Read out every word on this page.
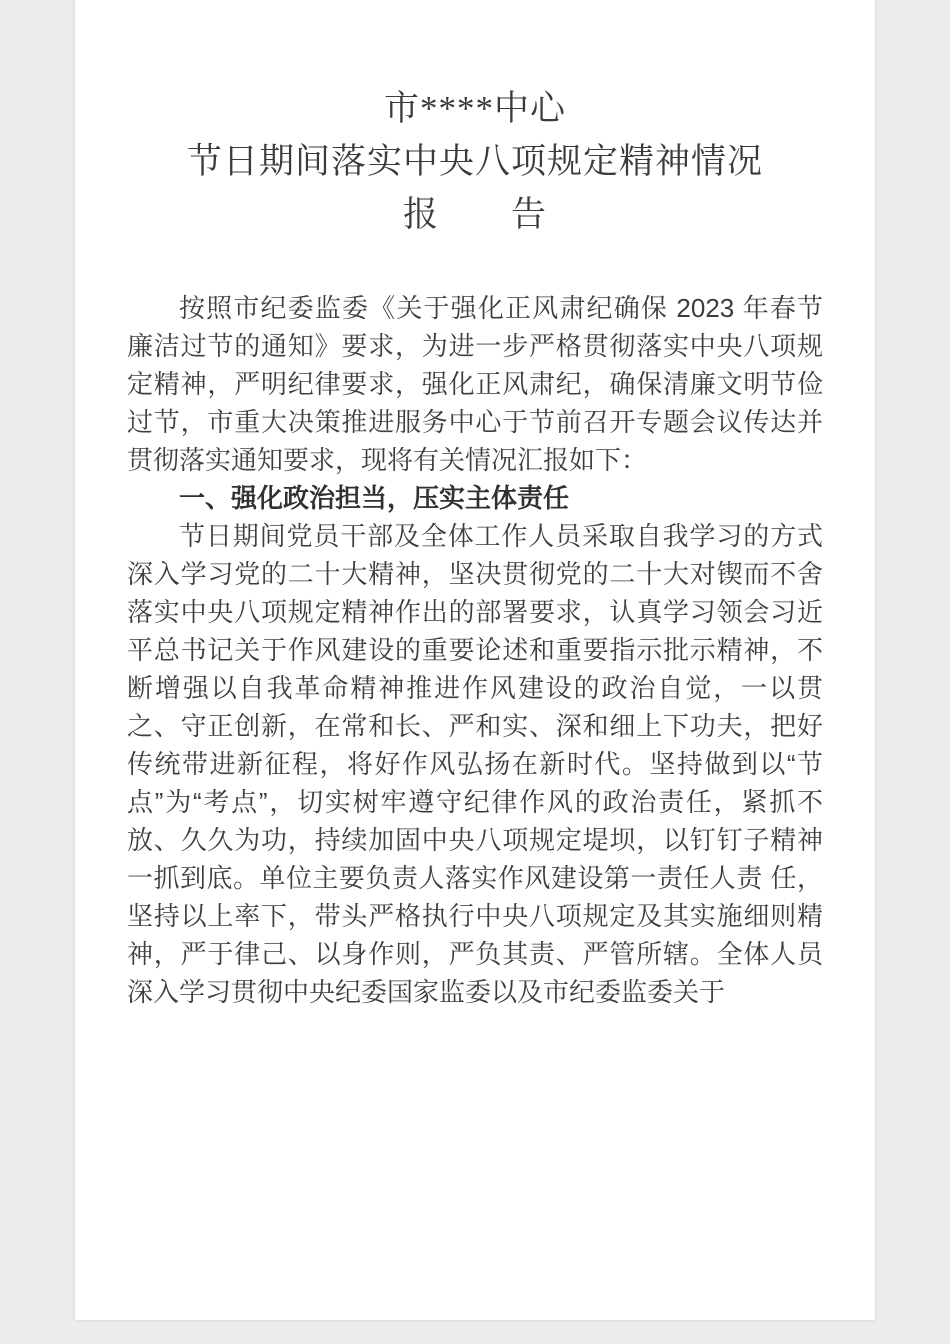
市****中心
节日期间落实中央八项规定精神情况
报　　告

按照市纪委监委《关于强化正风肃纪确保 2023 年春节廉洁过节的通知》要求，为进一步严格贯彻落实中央八项规定精神，严明纪律要求，强化正风肃纪，确保清廉文明节俭过节，市重大决策推进服务中心于节前召开专题会议传达并贯彻落实通知要求，现将有关情况汇报如下：

一、强化政治担当，压实主体责任

节日期间党员干部及全体工作人员采取自我学习的方式深入学习党的二十大精神，坚决贯彻党的二十大对锲而不舍落实中央八项规定精神作出的部署要求，认真学习领会习近平总书记关于作风建设的重要论述和重要指示批示精神，不断增强以自我革命精神推进作风建设的政治自觉，一以贯之、守正创新，在常和长、严和实、深和细上下功夫，把好传统带进新征程，将好作风弘扬在新时代。坚持做到以“节点”为“考点”，切实树牢遵守纪律作风的政治责任，紧抓不放、久久为功，持续加固中央八项规定堤坝，以钉钉子精神一抓到底。单位主要负责人落实作风建设第一责任人责 任，坚持以上率下，带头严格执行中央八项规定及其实施细则精神，严于律己、以身作则，严负其责、严管所辖。全体人员深入学习贯彻中央纪委国家监委以及市纪委监委关于
